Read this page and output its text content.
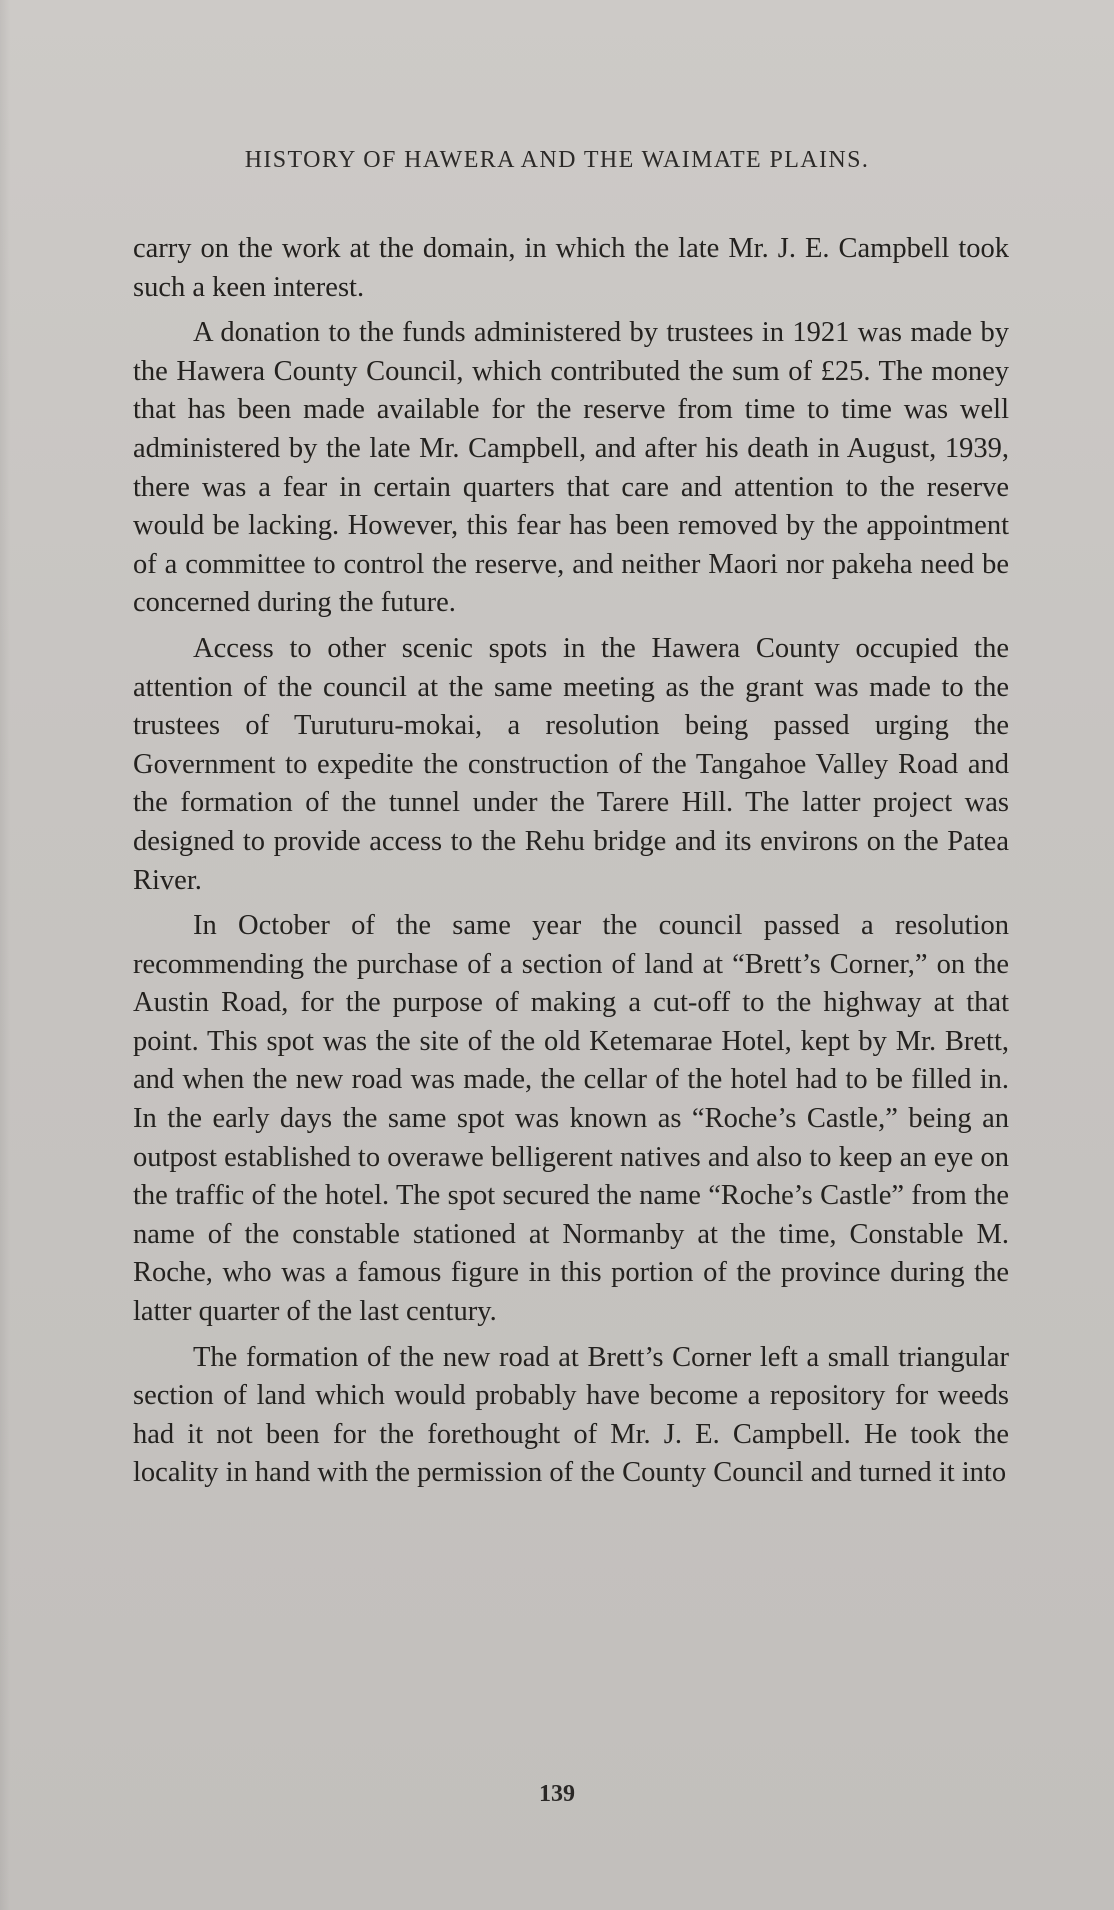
HISTORY OF HAWERA AND THE WAIMATE PLAINS.

carry on the work at the domain, in which the late Mr. J. E. Campbell took such a keen interest.

A donation to the funds administered by trustees in 1921 was made by the Hawera County Council, which contributed the sum of £25. The money that has been made available for the reserve from time to time was well administered by the late Mr. Campbell, and after his death in August, 1939, there was a fear in certain quarters that care and attention to the reserve would be lacking. However, this fear has been removed by the appointment of a committee to control the reserve, and neither Maori nor pakeha need be concerned during the future.

Access to other scenic spots in the Hawera County occupied the attention of the council at the same meeting as the grant was made to the trustees of Turuturu-mokai, a resolution being passed urging the Government to expedite the construction of the Tangahoe Valley Road and the formation of the tunnel under the Tarere Hill. The latter project was designed to provide access to the Rehu bridge and its environs on the Patea River.

In October of the same year the council passed a resolution recommending the purchase of a section of land at “Brett’s Corner,” on the Austin Road, for the purpose of making a cut-off to the highway at that point. This spot was the site of the old Ketemarae Hotel, kept by Mr. Brett, and when the new road was made, the cellar of the hotel had to be filled in. In the early days the same spot was known as “Roche’s Castle,” being an outpost established to overawe belligerent natives and also to keep an eye on the traffic of the hotel. The spot secured the name “Roche’s Castle” from the name of the constable stationed at Normanby at the time, Constable M. Roche, who was a famous figure in this portion of the province during the latter quarter of the last century.

The formation of the new road at Brett’s Corner left a small triangular section of land which would probably have become a repository for weeds had it not been for the forethought of Mr. J. E. Campbell. He took the locality in hand with the permission of the County Council and turned it into

139
